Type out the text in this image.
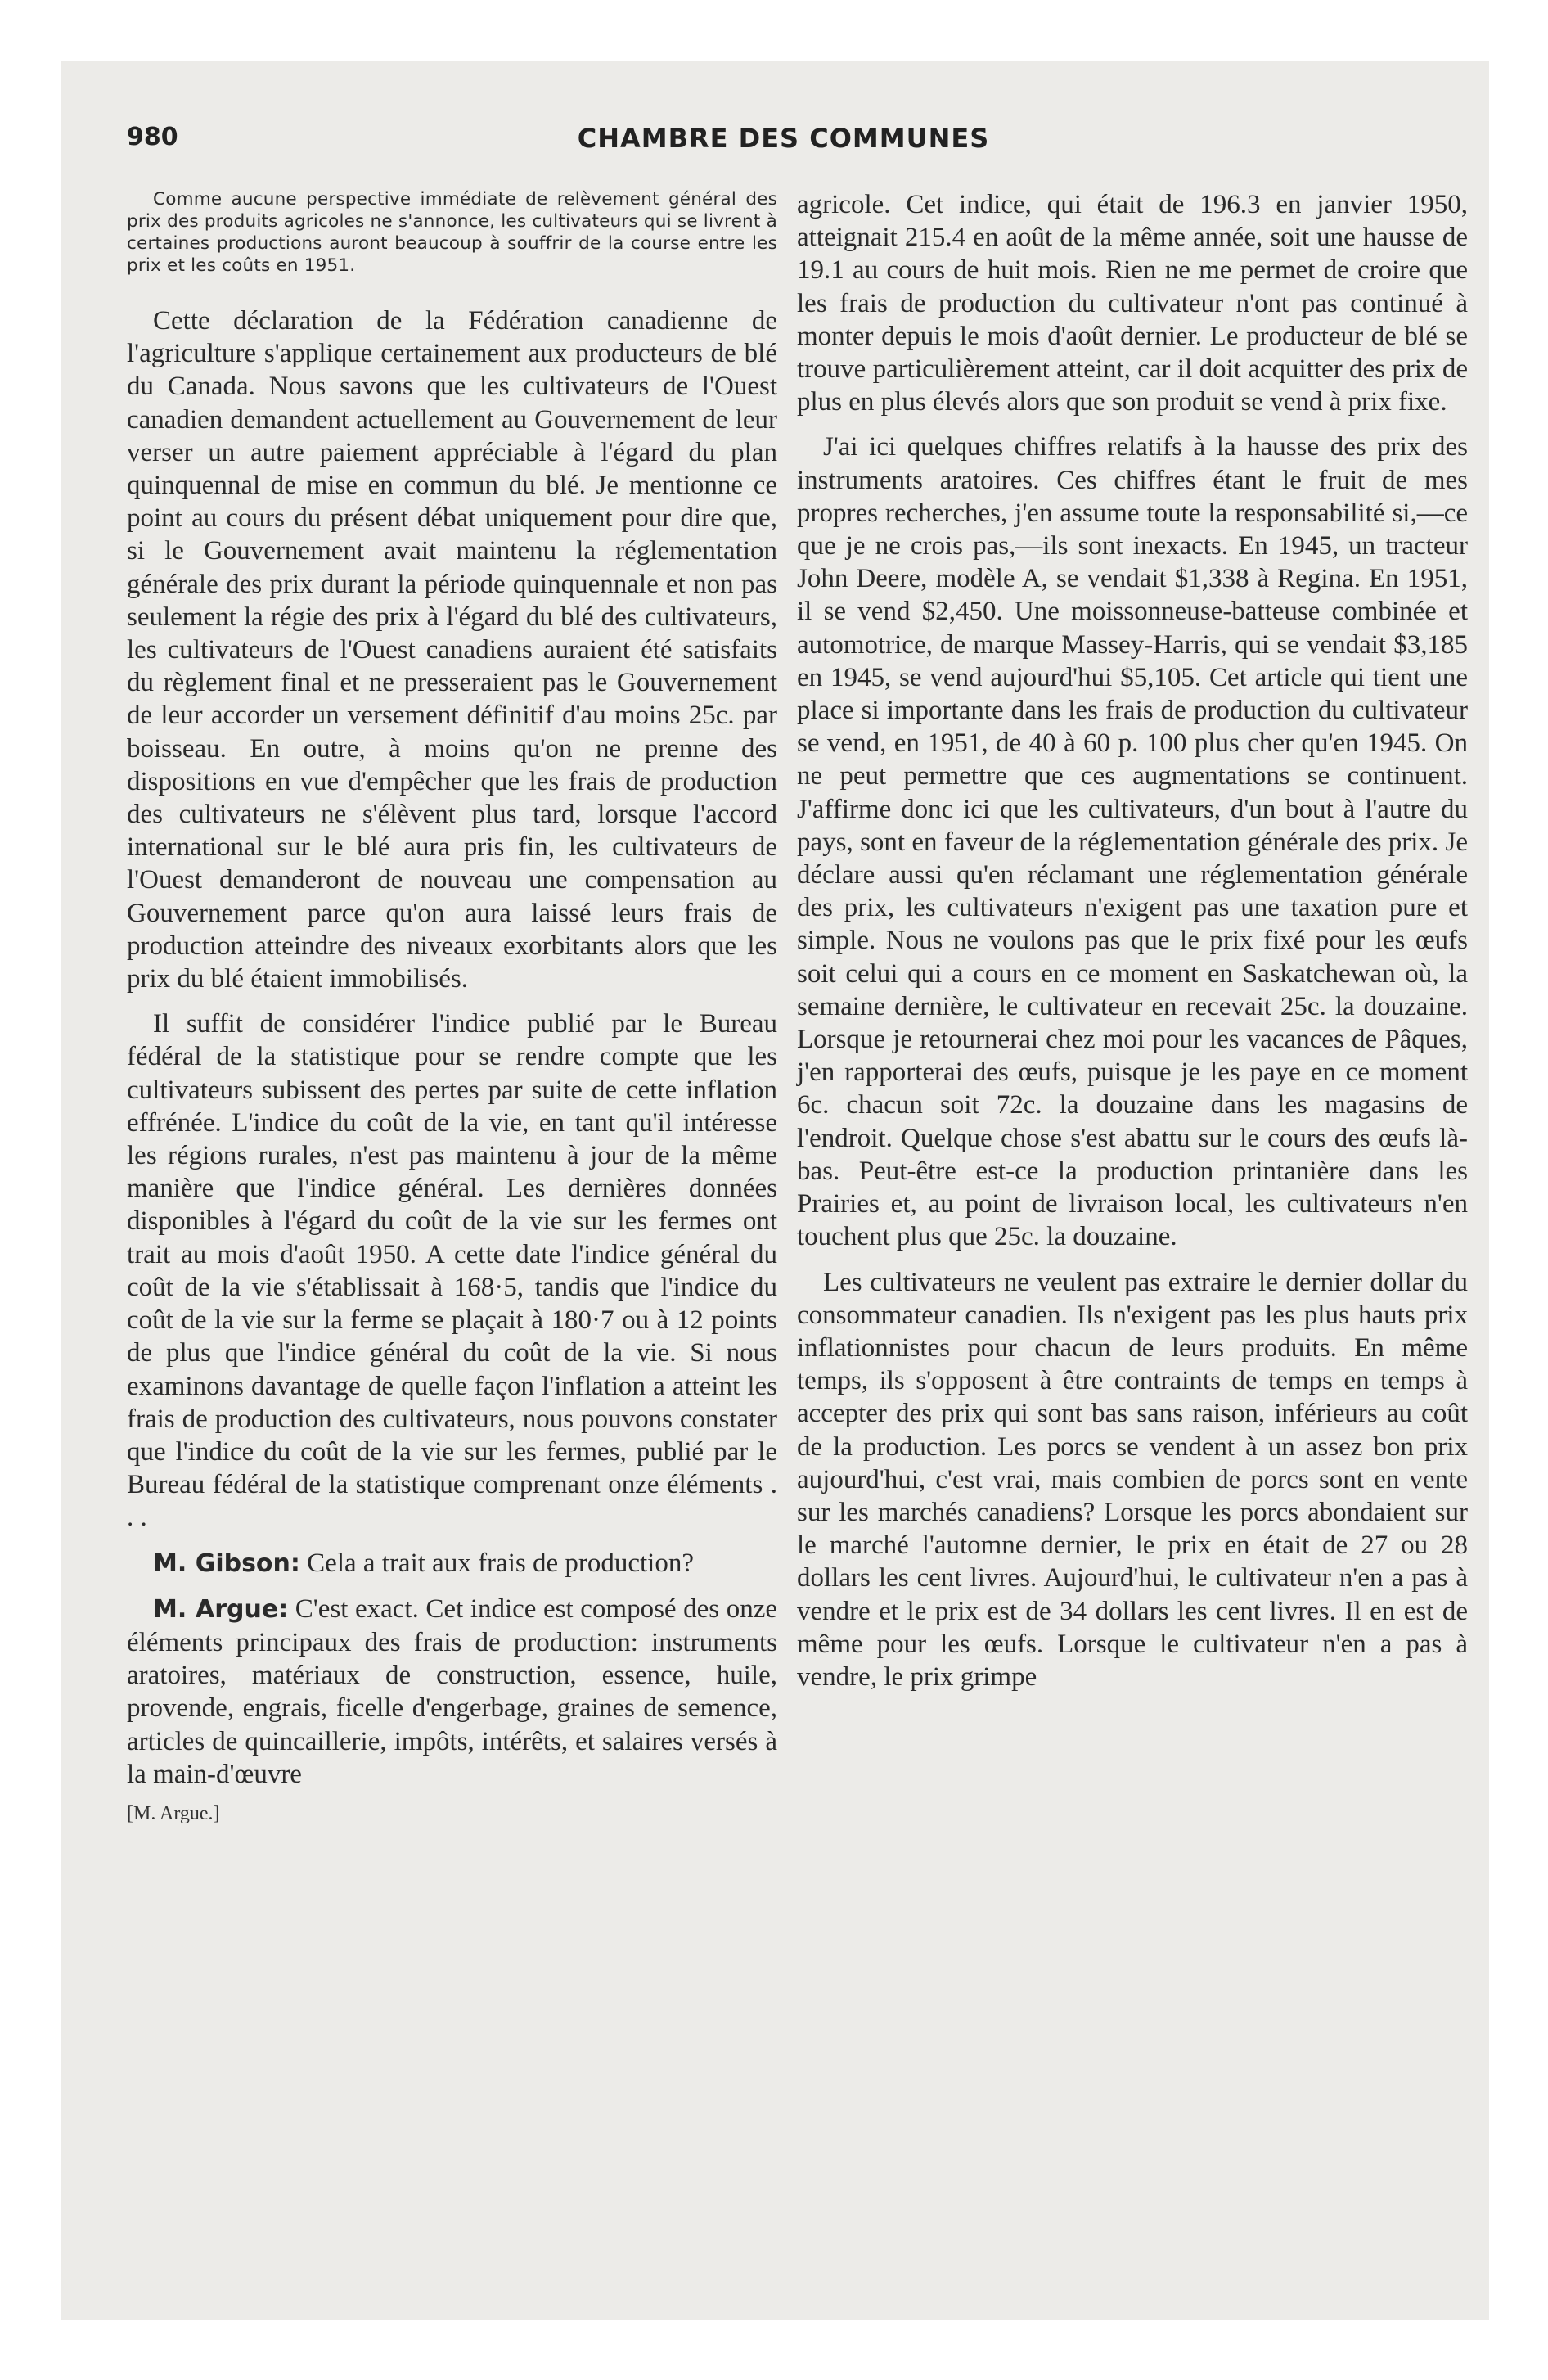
980	CHAMBRE DES COMMUNES
Comme aucune perspective immédiate de relèvement général des prix des produits agricoles ne s'annonce, les cultivateurs qui se livrent à certaines productions auront beaucoup à souffrir de la course entre les prix et les coûts en 1951.

Cette déclaration de la Fédération canadienne de l'agriculture s'applique certainement aux producteurs de blé du Canada. Nous savons que les cultivateurs de l'Ouest canadien demandent actuellement au Gouvernement de leur verser un autre paiement appréciable à l'égard du plan quinquennal de mise en commun du blé. Je mentionne ce point au cours du présent débat uniquement pour dire que, si le Gouvernement avait maintenu la réglementation générale des prix durant la période quinquennale et non pas seulement la régie des prix à l'égard du blé des cultivateurs, les cultivateurs de l'Ouest canadiens auraient été satisfaits du règlement final et ne presseraient pas le Gouvernement de leur accorder un versement définitif d'au moins 25c. par boisseau. En outre, à moins qu'on ne prenne des dispositions en vue d'empêcher que les frais de production des cultivateurs ne s'élèvent plus tard, lorsque l'accord international sur le blé aura pris fin, les cultivateurs de l'Ouest demanderont de nouveau une compensation au Gouvernement parce qu'on aura laissé leurs frais de production atteindre des niveaux exorbitants alors que les prix du blé étaient immobilisés.

Il suffit de considérer l'indice publié par le Bureau fédéral de la statistique pour se rendre compte que les cultivateurs subissent des pertes par suite de cette inflation effrénée. L'indice du coût de la vie, en tant qu'il intéresse les régions rurales, n'est pas maintenu à jour de la même manière que l'indice général. Les dernières données disponibles à l'égard du coût de la vie sur les fermes ont trait au mois d'août 1950. A cette date l'indice général du coût de la vie s'établissait à 168·5, tandis que l'indice du coût de la vie sur la ferme se plaçait à 180·7 ou à 12 points de plus que l'indice général du coût de la vie. Si nous examinons davantage de quelle façon l'inflation a atteint les frais de production des cultivateurs, nous pouvons constater que l'indice du coût de la vie sur les fermes, publié par le Bureau fédéral de la statistique comprenant onze éléments . . .

M. Gibson: Cela a trait aux frais de production?

M. Argue: C'est exact. Cet indice est composé des onze éléments principaux des frais de production: instruments aratoires, matériaux de construction, essence, huile, provende, engrais, ficelle d'engerbage, graines de semence, articles de quincaillerie, impôts, intérêts, et salaires versés à la main-d'œuvre

[M. Argue.]

agricole. Cet indice, qui était de 196.3 en janvier 1950, atteignait 215.4 en août de la même année, soit une hausse de 19.1 au cours de huit mois. Rien ne me permet de croire que les frais de production du cultivateur n'ont pas continué à monter depuis le mois d'août dernier. Le producteur de blé se trouve particulièrement atteint, car il doit acquitter des prix de plus en plus élevés alors que son produit se vend à prix fixe.

J'ai ici quelques chiffres relatifs à la hausse des prix des instruments aratoires. Ces chiffres étant le fruit de mes propres recherches, j'en assume toute la responsabilité si,—ce que je ne crois pas,—ils sont inexacts. En 1945, un tracteur John Deere, modèle A, se vendait $1,338 à Regina. En 1951, il se vend $2,450. Une moissonneuse-batteuse combinée et automotrice, de marque Massey-Harris, qui se vendait $3,185 en 1945, se vend aujourd'hui $5,105. Cet article qui tient une place si importante dans les frais de production du cultivateur se vend, en 1951, de 40 à 60 p. 100 plus cher qu'en 1945. On ne peut permettre que ces augmentations se continuent. J'affirme donc ici que les cultivateurs, d'un bout à l'autre du pays, sont en faveur de la réglementation générale des prix. Je déclare aussi qu'en réclamant une réglementation générale des prix, les cultivateurs n'exigent pas une taxation pure et simple. Nous ne voulons pas que le prix fixé pour les œufs soit celui qui a cours en ce moment en Saskatchewan où, la semaine dernière, le cultivateur en recevait 25c. la douzaine. Lorsque je retournerai chez moi pour les vacances de Pâques, j'en rapporterai des œufs, puisque je les paye en ce moment 6c. chacun soit 72c. la douzaine dans les magasins de l'endroit. Quelque chose s'est abattu sur le cours des œufs là-bas. Peut-être est-ce la production printanière dans les Prairies et, au point de livraison local, les cultivateurs n'en touchent plus que 25c. la douzaine.

Les cultivateurs ne veulent pas extraire le dernier dollar du consommateur canadien. Ils n'exigent pas les plus hauts prix inflationnistes pour chacun de leurs produits. En même temps, ils s'opposent à être contraints de temps en temps à accepter des prix qui sont bas sans raison, inférieurs au coût de la production. Les porcs se vendent à un assez bon prix aujourd'hui, c'est vrai, mais combien de porcs sont en vente sur les marchés canadiens? Lorsque les porcs abondaient sur le marché l'automne dernier, le prix en était de 27 ou 28 dollars les cent livres. Aujourd'hui, le cultivateur n'en a pas à vendre et le prix est de 34 dollars les cent livres. Il en est de même pour les œufs. Lorsque le cultivateur n'en a pas à vendre, le prix grimpe
